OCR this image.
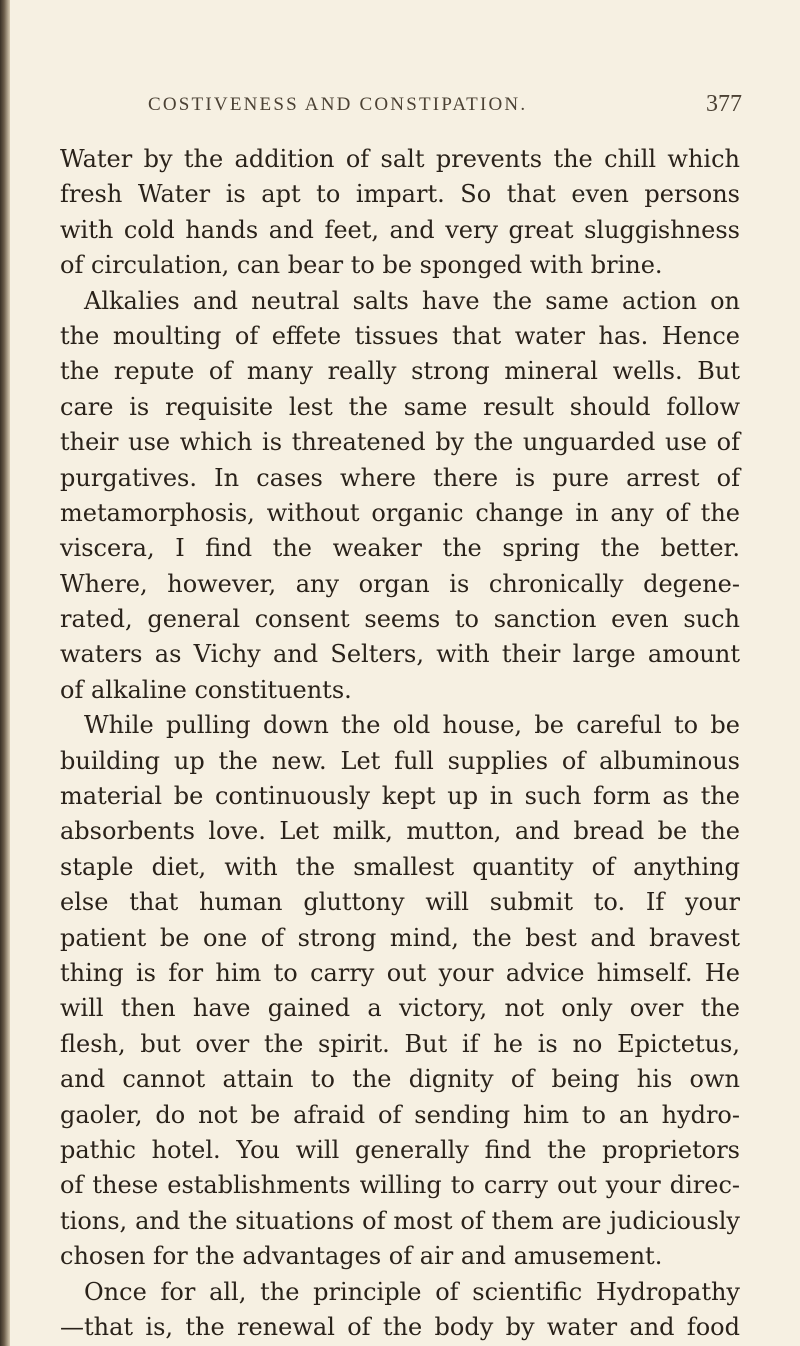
COSTIVENESS AND CONSTIPATION.	377
Water by the addition of salt prevents the chill which
fresh Water is apt to impart. So that even persons
with cold hands and feet, and very great sluggishness
of circulation, can bear to be sponged with brine.
Alkalies and neutral salts have the same action on
the moulting of effete tissues that water has. Hence
the repute of many really strong mineral wells. But
care is requisite lest the same result should follow
their use which is threatened by the unguarded use of
purgatives. In cases where there is pure arrest of
metamorphosis, without organic change in any of the
viscera, I find the weaker the spring the better.
Where, however, any organ is chronically degene-
rated, general consent seems to sanction even such
waters as Vichy and Selters, with their large amount
of alkaline constituents.
While pulling down the old house, be careful to be
building up the new. Let full supplies of albuminous
material be continuously kept up in such form as the
absorbents love. Let milk, mutton, and bread be the
staple diet, with the smallest quantity of anything
else that human gluttony will submit to. If your
patient be one of strong mind, the best and bravest
thing is for him to carry out your advice himself. He
will then have gained a victory, not only over the
flesh, but over the spirit. But if he is no Epictetus,
and cannot attain to the dignity of being his own
gaoler, do not be afraid of sending him to an hydro-
pathic hotel. You will generally find the proprietors
of these establishments willing to carry out your direc-
tions, and the situations of most of them are judiciously
chosen for the advantages of air and amusement.
Once for all, the principle of scientific Hydropathy
—that is, the renewal of the body by water and food
